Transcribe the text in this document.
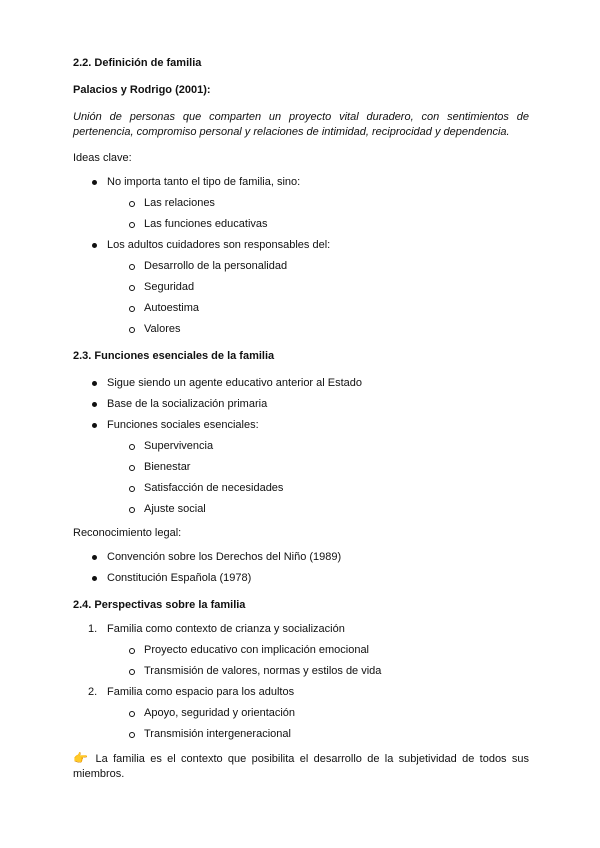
2.2. Definición de familia

Palacios y Rodrigo (2001):

Unión de personas que comparten un proyecto vital duradero, con sentimientos de pertenencia, compromiso personal y relaciones de intimidad, reciprocidad y dependencia.

Ideas clave:

No importa tanto el tipo de familia, sino:
Las relaciones
Las funciones educativas
Los adultos cuidadores son responsables del:
Desarrollo de la personalidad
Seguridad
Autoestima
Valores

2.3. Funciones esenciales de la familia

Sigue siendo un agente educativo anterior al Estado
Base de la socialización primaria
Funciones sociales esenciales:
Supervivencia
Bienestar
Satisfacción de necesidades
Ajuste social

Reconocimiento legal:

Convención sobre los Derechos del Niño (1989)
Constitución Española (1978)

2.4. Perspectivas sobre la familia

1. Familia como contexto de crianza y socialización
Proyecto educativo con implicación emocional
Transmisión de valores, normas y estilos de vida
2. Familia como espacio para los adultos
Apoyo, seguridad y orientación
Transmisión intergeneracional

👉 La familia es el contexto que posibilita el desarrollo de la subjetividad de todos sus miembros.
